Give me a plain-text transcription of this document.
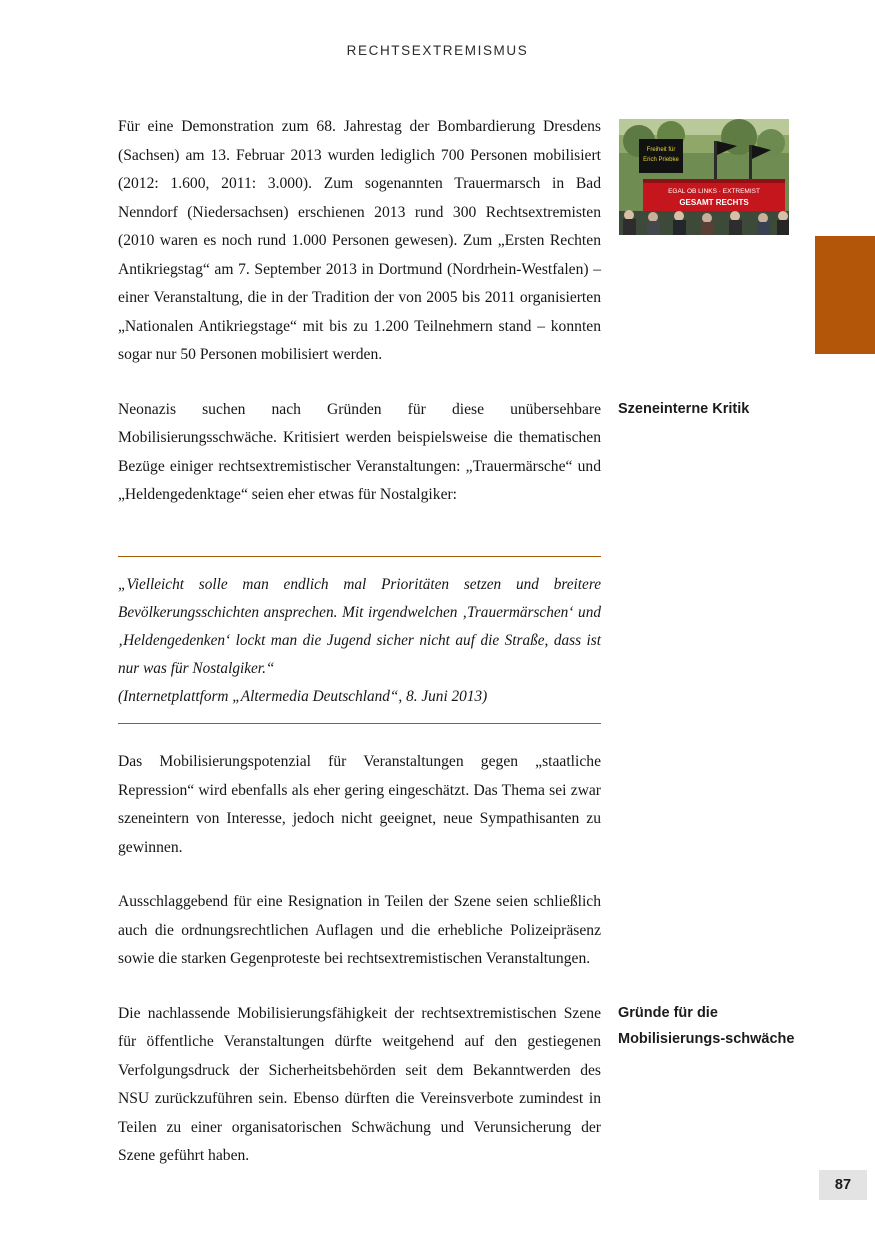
RECHTSEXTREMISMUS
Freiheit für
Erich Priebke
EGAL OB LINKS · EXTREMIST
GESAMT RECHTS

Für eine Demonstration zum 68. Jahrestag der Bombardierung Dresdens (Sachsen) am 13. Februar 2013 wurden lediglich 700 Personen mobilisiert (2012: 1.600, 2011: 3.000). Zum sogenannten Trauermarsch in Bad Nenndorf (Niedersachsen) erschienen 2013 rund 300 Rechtsextremisten (2010 waren es noch rund 1.000 Personen gewesen). Zum „Ersten Rechten Antikriegstag“ am 7. September 2013 in Dortmund (Nordrhein-Westfalen) – einer Veranstaltung, die in der Tradition der von 2005 bis 2011 organisierten „Nationalen Antikriegstage“ mit bis zu 1.200 Teilnehmern stand – konnten sogar nur 50 Personen mobilisiert werden.

Neonazis suchen nach Gründen für diese unübersehbare Mobilisierungsschwäche. Kritisiert werden beispielsweise die thematischen Bezüge einiger rechtsextremistischer Veranstaltungen: „Trauermärsche“ und „Heldengedenktage“ seien eher etwas für Nostalgiker:

„Vielleicht solle man endlich mal Prioritäten setzen und breitere Bevölkerungsschichten ansprechen. Mit irgendwelchen ‚Trauermärschen‘ und ‚Heldengedenken‘ lockt man die Jugend sicher nicht auf die Straße, dass ist nur was für Nostalgiker.“

(Internetplattform „Altermedia Deutschland“, 8. Juni 2013)

Das Mobilisierungspotenzial für Veranstaltungen gegen „staatliche Repression“ wird ebenfalls als eher gering eingeschätzt. Das Thema sei zwar szeneintern von Interesse, jedoch nicht geeignet, neue Sympathisanten zu gewinnen.

Ausschlaggebend für eine Resignation in Teilen der Szene seien schließlich auch die ordnungsrechtlichen Auflagen und die erhebliche Polizeipräsenz sowie die starken Gegenproteste bei rechtsextremistischen Veranstaltungen.

Die nachlassende Mobilisierungsfähigkeit der rechtsextremistischen Szene für öffentliche Veranstaltungen dürfte weitgehend auf den gestiegenen Verfolgungsdruck der Sicherheitsbehörden seit dem Bekanntwerden des NSU zurückzuführen sein. Ebenso dürften die Vereinsverbote zumindest in Teilen zu einer organisatorischen Schwächung und Verunsicherung der Szene geführt haben.

Szeneinterne Kritik
Gründe für die Mobilisierungs-schwäche
87
